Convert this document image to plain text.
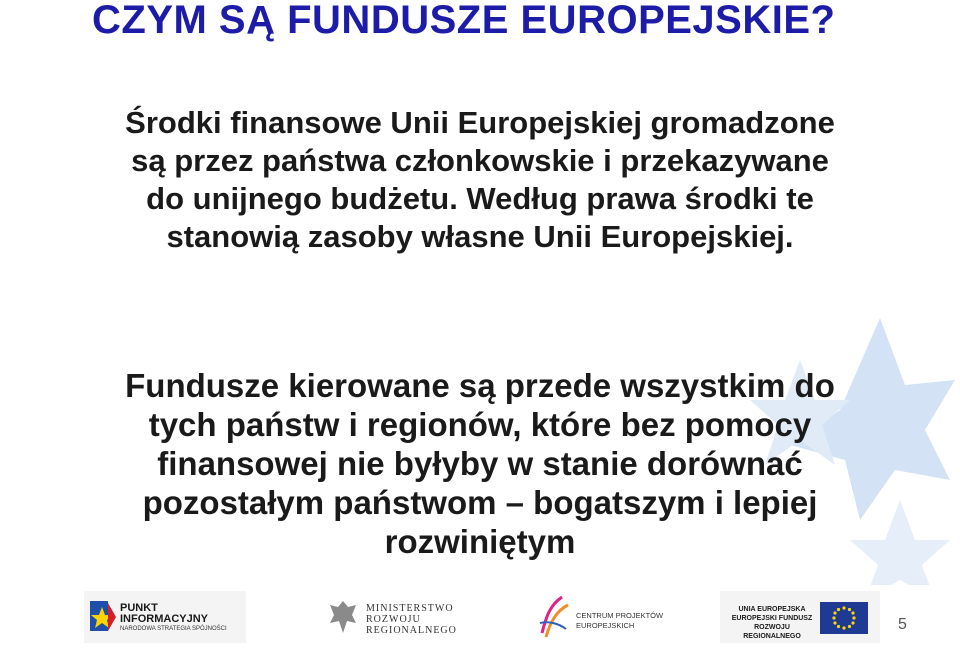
CZYM SĄ FUNDUSZE EUROPEJSKIE?
Środki finansowe Unii Europejskiej gromadzone
są przez państwa członkowskie i przekazywane
do unijnego budżetu. Według prawa środki te
stanowią zasoby własne Unii Europejskiej.
Fundusze kierowane są przede wszystkim do
tych państw i regionów, które bez pomocy
finansowej nie byłyby w stanie dorównać
pozostałym państwom – bogatszym i lepiej
rozwiniętym
PUNKT
INFORMACYJNY
NARODOWA STRATEGIA SPÓJNOŚCI
MINISTERSTWO
ROZWOJU
REGIONALNEGO
CENTRUM PROJEKTÓW
EUROPEJSKICH
UNIA EUROPEJSKA
EUROPEJSKI FUNDUSZ
ROZWOJU REGIONALNEGO
5
